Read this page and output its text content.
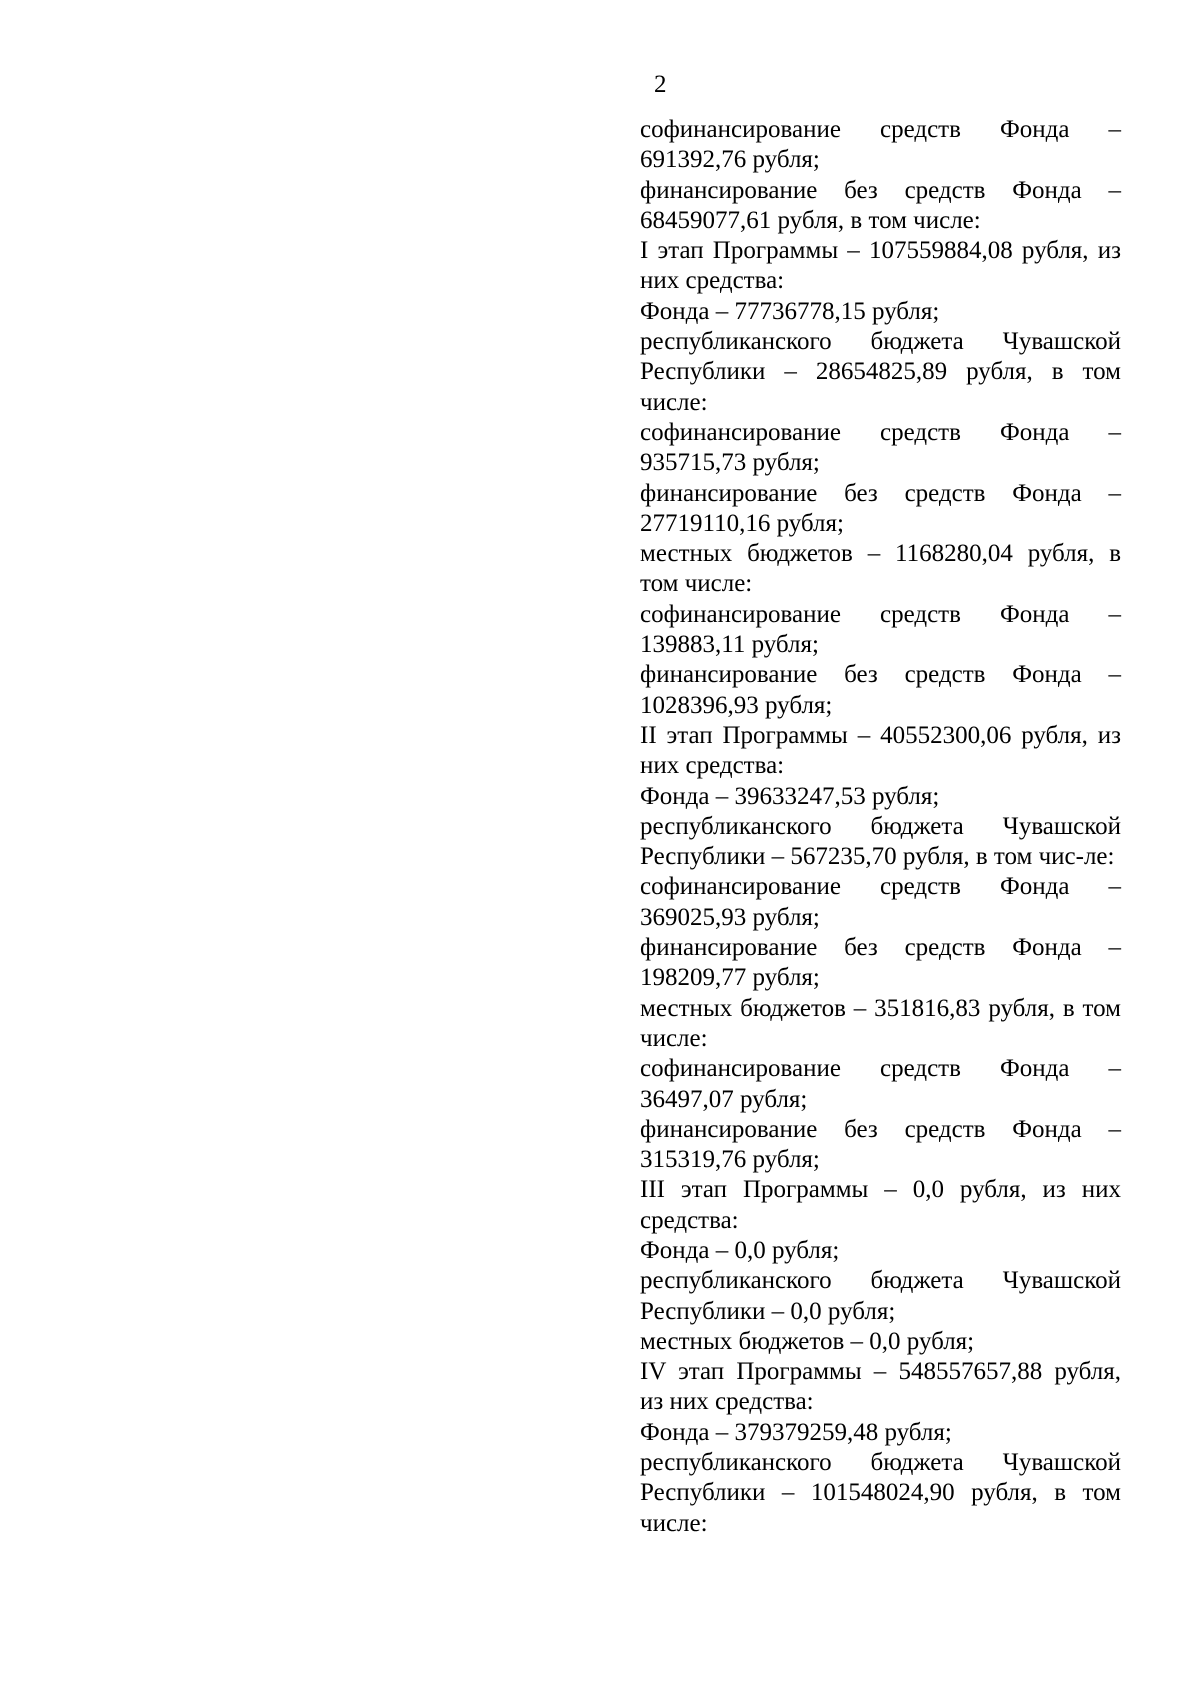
2
софинансирование средств Фонда – 691392,76 рубля;
финансирование без средств Фонда – 68459077,61 рубля, в том числе:
I этап Программы – 107559884,08 рубля, из них средства:
Фонда – 77736778,15 рубля;
республиканского бюджета Чувашской Республики – 28654825,89 рубля, в том числе:
софинансирование средств Фонда – 935715,73 рубля;
финансирование без средств Фонда – 27719110,16 рубля;
местных бюджетов – 1168280,04 рубля, в том числе:
софинансирование средств Фонда – 139883,11 рубля;
финансирование без средств Фонда – 1028396,93 рубля;
II этап Программы – 40552300,06 рубля, из них средства:
Фонда – 39633247,53 рубля;
республиканского бюджета Чувашской Республики – 567235,70 рубля, в том чис-ле:
софинансирование средств Фонда – 369025,93 рубля;
финансирование без средств Фонда – 198209,77 рубля;
местных бюджетов – 351816,83 рубля, в том числе:
софинансирование средств Фонда – 36497,07 рубля;
финансирование без средств Фонда – 315319,76 рубля;
III этап Программы – 0,0 рубля, из них средства:
Фонда – 0,0 рубля;
республиканского бюджета Чувашской Республики – 0,0 рубля;
местных бюджетов – 0,0 рубля;
IV этап Программы – 548557657,88 рубля, из них средства:
Фонда – 379379259,48 рубля;
республиканского бюджета Чувашской Республики – 101548024,90 рубля, в том числе:
